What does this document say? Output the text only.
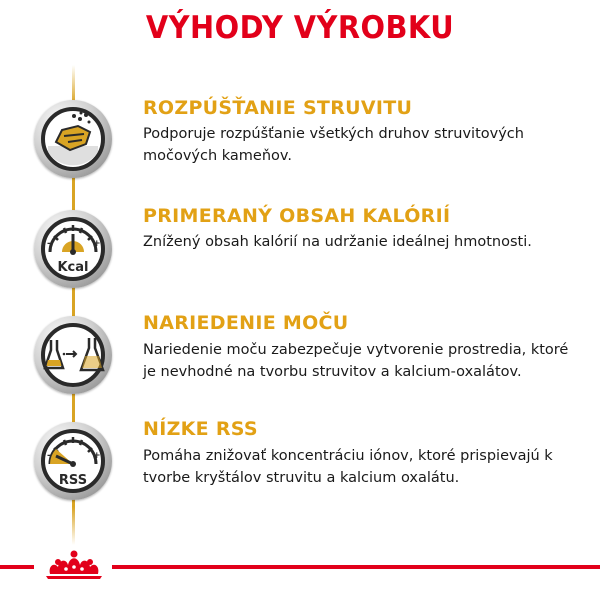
VÝHODY VÝROBKU
ROZPÚŠŤANIE STRUVITU
Podporuje rozpúšťanie všetkých druhov struvitových močových kameňov.
-	+
Kcal
PRIMERANÝ OBSAH KALÓRIÍ
Znížený obsah kalórií na udržanie ideálnej hmotnosti.
NARIEDENIE MOČU
Nariedenie moču zabezpečuje vytvorenie prostredia, ktoré je nevhodné na tvorbu struvitov a kalcium-oxalátov.
-	+
RSS
NÍZKE RSS
Pomáha znižovať koncentráciu iónov, ktoré prispievajú k tvorbe kryštálov struvitu a kalcium oxalátu.
